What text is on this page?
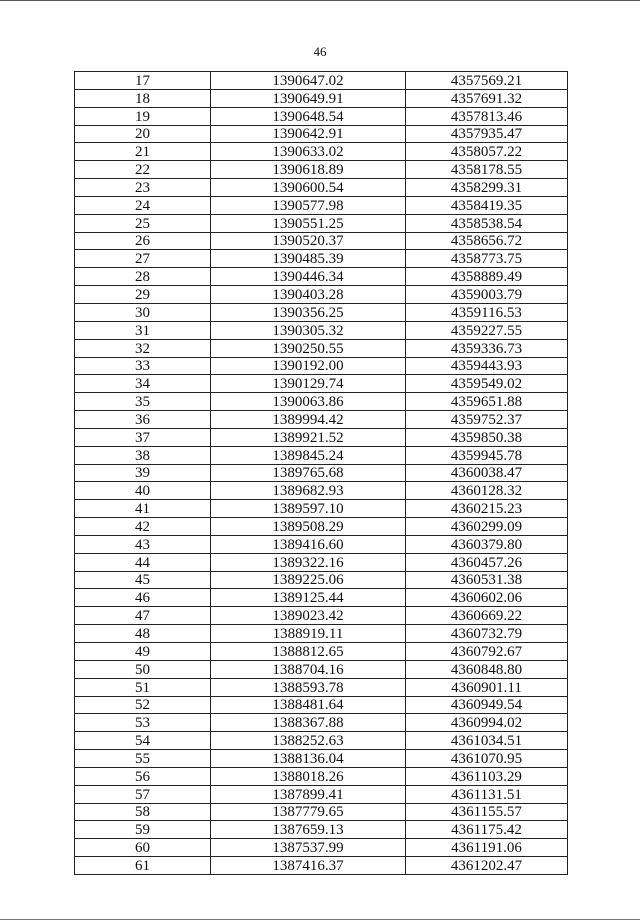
46
17	1390647.02	4357569.21
18	1390649.91	4357691.32
19	1390648.54	4357813.46
20	1390642.91	4357935.47
21	1390633.02	4358057.22
22	1390618.89	4358178.55
23	1390600.54	4358299.31
24	1390577.98	4358419.35
25	1390551.25	4358538.54
26	1390520.37	4358656.72
27	1390485.39	4358773.75
28	1390446.34	4358889.49
29	1390403.28	4359003.79
30	1390356.25	4359116.53
31	1390305.32	4359227.55
32	1390250.55	4359336.73
33	1390192.00	4359443.93
34	1390129.74	4359549.02
35	1390063.86	4359651.88
36	1389994.42	4359752.37
37	1389921.52	4359850.38
38	1389845.24	4359945.78
39	1389765.68	4360038.47
40	1389682.93	4360128.32
41	1389597.10	4360215.23
42	1389508.29	4360299.09
43	1389416.60	4360379.80
44	1389322.16	4360457.26
45	1389225.06	4360531.38
46	1389125.44	4360602.06
47	1389023.42	4360669.22
48	1388919.11	4360732.79
49	1388812.65	4360792.67
50	1388704.16	4360848.80
51	1388593.78	4360901.11
52	1388481.64	4360949.54
53	1388367.88	4360994.02
54	1388252.63	4361034.51
55	1388136.04	4361070.95
56	1388018.26	4361103.29
57	1387899.41	4361131.51
58	1387779.65	4361155.57
59	1387659.13	4361175.42
60	1387537.99	4361191.06
61	1387416.37	4361202.47
